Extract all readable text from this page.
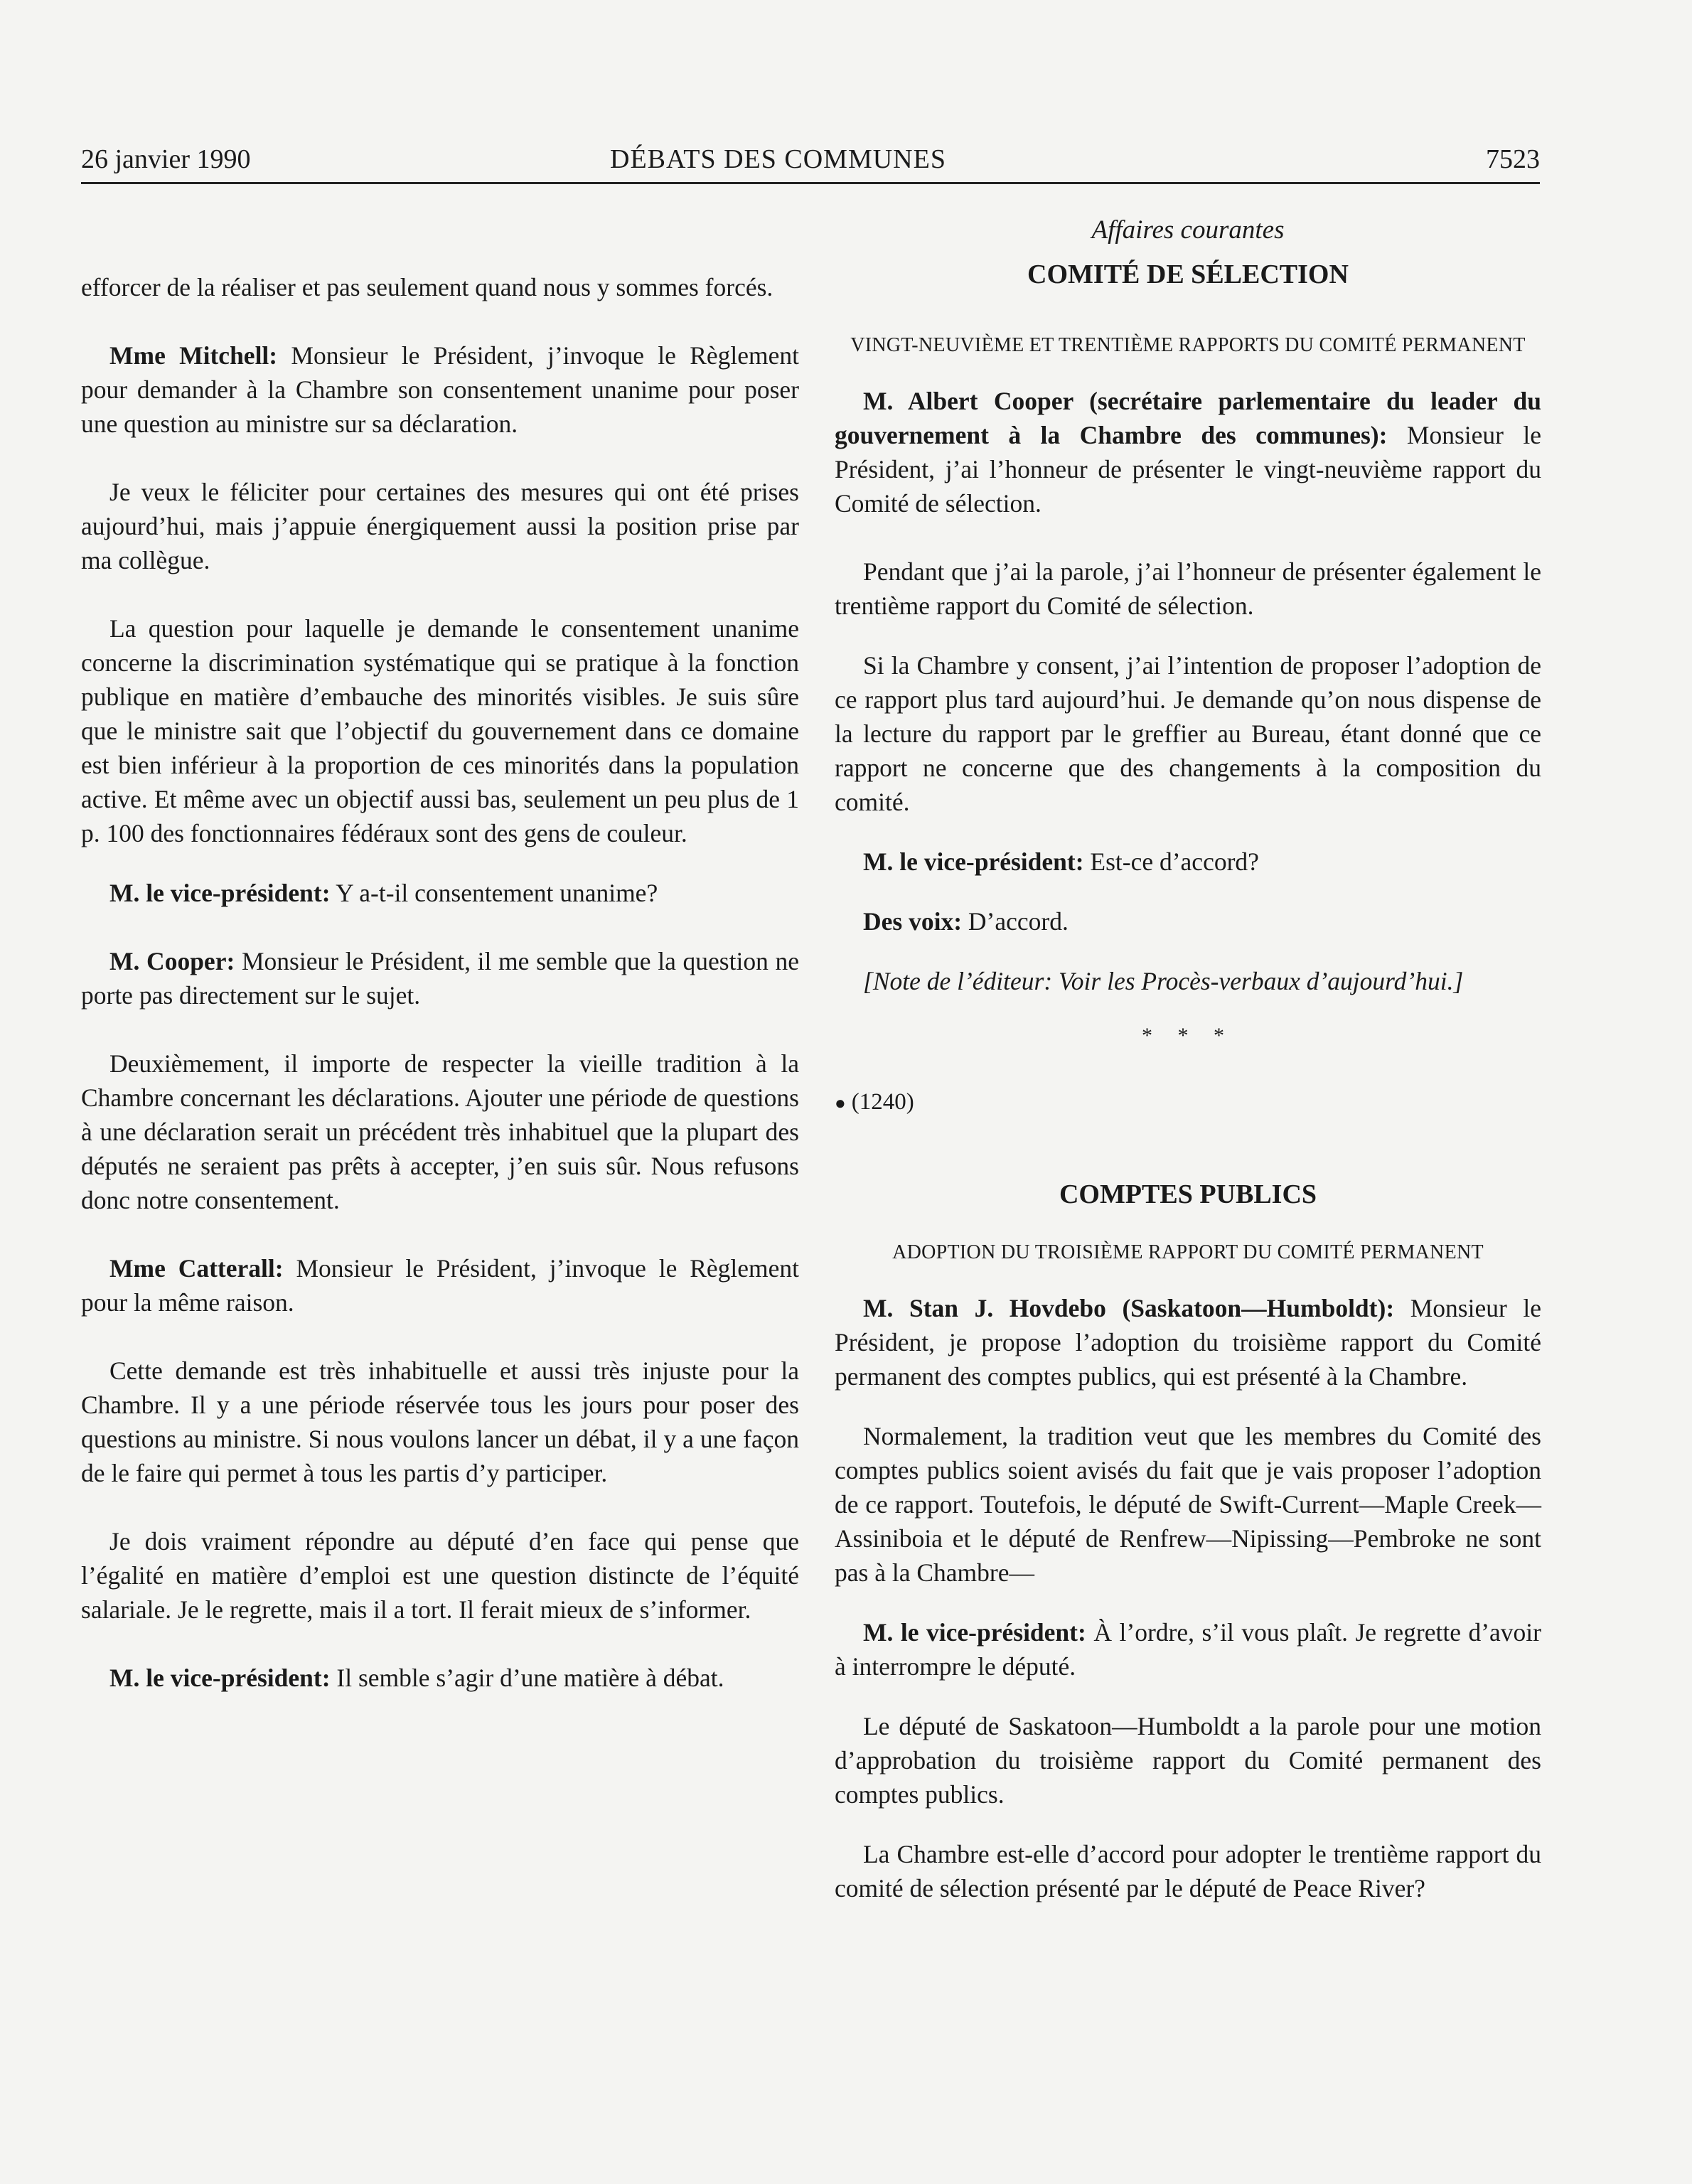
26 janvier 1990	DÉBATS DES COMMUNES	7523

efforcer de la réaliser et pas seulement quand nous y sommes forcés.

Mme Mitchell: Monsieur le Président, j’invoque le Règlement pour demander à la Chambre son consentement unanime pour poser une question au ministre sur sa déclaration.

Je veux le féliciter pour certaines des mesures qui ont été prises aujourd’hui, mais j’appuie énergiquement aussi la position prise par ma collègue.

La question pour laquelle je demande le consentement unanime concerne la discrimination systématique qui se pratique à la fonction publique en matière d’embauche des minorités visibles. Je suis sûre que le ministre sait que l’objectif du gouvernement dans ce domaine est bien inférieur à la proportion de ces minorités dans la population active. Et même avec un objectif aussi bas, seulement un peu plus de 1 p. 100 des fonctionnaires fédéraux sont des gens de couleur.

M. le vice-président: Y a-t-il consentement unanime?

M. Cooper: Monsieur le Président, il me semble que la question ne porte pas directement sur le sujet.

Deuxièmement, il importe de respecter la vieille tradition à la Chambre concernant les déclarations. Ajouter une période de questions à une déclaration serait un précédent très inhabituel que la plupart des députés ne seraient pas prêts à accepter, j’en suis sûr. Nous refusons donc notre consentement.

Mme Catterall: Monsieur le Président, j’invoque le Règlement pour la même raison.

Cette demande est très inhabituelle et aussi très injuste pour la Chambre. Il y a une période réservée tous les jours pour poser des questions au ministre. Si nous voulons lancer un débat, il y a une façon de le faire qui permet à tous les partis d’y participer.

Je dois vraiment répondre au député d’en face qui pense que l’égalité en matière d’emploi est une question distincte de l’équité salariale. Je le regrette, mais il a tort. Il ferait mieux de s’informer.

M. le vice-président: Il semble s’agir d’une matière à débat.

Affaires courantes
COMITÉ DE SÉLECTION
VINGT-NEUVIÈME ET TRENTIÈME RAPPORTS DU COMITÉ PERMANENT

M. Albert Cooper (secrétaire parlementaire du leader du gouvernement à la Chambre des communes): Monsieur le Président, j’ai l’honneur de présenter le vingt-neuvième rapport du Comité de sélection.

Pendant que j’ai la parole, j’ai l’honneur de présenter également le trentième rapport du Comité de sélection.

Si la Chambre y consent, j’ai l’intention de proposer l’adoption de ce rapport plus tard aujourd’hui. Je demande qu’on nous dispense de la lecture du rapport par le greffier au Bureau, étant donné que ce rapport ne concerne que des changements à la composition du comité.

M. le vice-président: Est-ce d’accord?

Des voix: D’accord.

[Note de l’éditeur: Voir les Procès-verbaux d’aujourd’hui.]

* * *
● (1240)
COMPTES PUBLICS
ADOPTION DU TROISIÈME RAPPORT DU COMITÉ PERMANENT

M. Stan J. Hovdebo (Saskatoon—Humboldt): Monsieur le Président, je propose l’adoption du troisième rapport du Comité permanent des comptes publics, qui est présenté à la Chambre.

Normalement, la tradition veut que les membres du Comité des comptes publics soient avisés du fait que je vais proposer l’adoption de ce rapport. Toutefois, le député de Swift-Current—Maple Creek—Assiniboia et le député de Renfrew—Nipissing—Pembroke ne sont pas à la Chambre—

M. le vice-président: À l’ordre, s’il vous plaît. Je regrette d’avoir à interrompre le député.

Le député de Saskatoon—Humboldt a la parole pour une motion d’approbation du troisième rapport du Comité permanent des comptes publics.

La Chambre est-elle d’accord pour adopter le trentième rapport du comité de sélection présenté par le député de Peace River?
